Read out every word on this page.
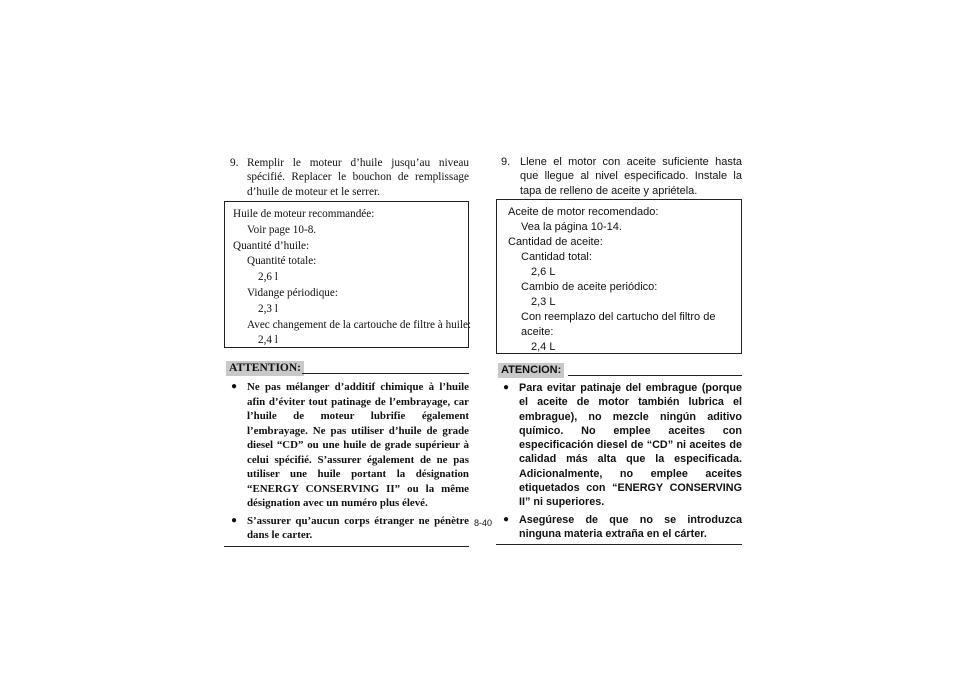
9. Remplir le moteur d’huile jusqu’au niveau spécifié. Replacer le bouchon de remplissage d’huile de moteur et le serrer.
Huile de moteur recommandée:
Voir page 10-8.
Quantité d’huile:
Quantité totale:
2,6 l
Vidange périodique:
2,3 l
Avec changement de la cartouche de filtre à huile:
2,4 l
ATTENTION:
● Ne pas mélanger d’additif chimique à l’huile afin d’éviter tout patinage de l’embrayage, car l’huile de moteur lubrifie également l’embrayage. Ne pas utiliser d’huile de grade diesel “CD” ou une huile de grade supérieur à celui spécifié. S’assurer également de ne pas utiliser une huile portant la désignation “ENERGY CONSERVING II” ou la même désignation avec un numéro plus élevé.
● S’assurer qu’aucun corps étranger ne pénètre dans le carter.
9. Llene el motor con aceite suficiente hasta que llegue al nivel especificado. Instale la tapa de relleno de aceite y apriétela.
Aceite de motor recomendado:
Vea la página 10-14.
Cantidad de aceite:
Cantidad total:
2,6 L
Cambio de aceite periódico:
2,3 L
Con reemplazo del cartucho del filtro de aceite:
2,4 L
ATENCION:
● Para evitar patinaje del embrague (porque el aceite de motor también lubrica el embrague), no mezcle ningún aditivo químico. No emplee aceites con especificación diesel de “CD” ni aceites de calidad más alta que la especificada. Adicionalmente, no emplee aceites etiquetados con “ENERGY CONSERVING II” ni superiores.
● Asegúrese de que no se introduzca ninguna materia extraña en el cárter.
8-40
